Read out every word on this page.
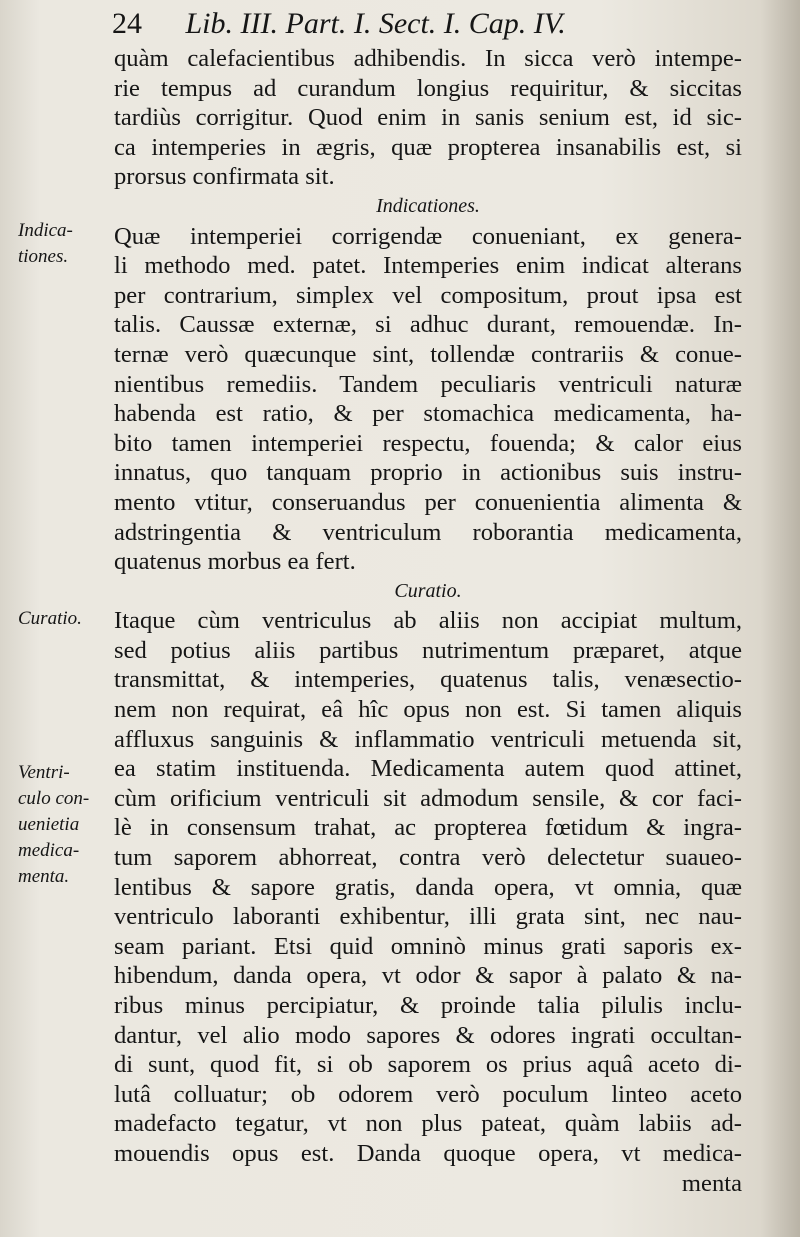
24 Lib. III. Part. I. Sect. I. Cap. IV.
quàm calefacientibus adhibendis. In sicca verò intempe-
rie tempus ad curandum longius requiritur, & siccitas
tardiùs corrigitur. Quod enim in sanis senium est, id sic-
ca intemperies in ægris, quæ propterea insanabilis est, si
prorsus confirmata sit.
Indicationes.
Quæ intemperiei corrigendæ conueniant, ex genera-
li methodo med. patet. Intemperies enim indicat alterans
per contrarium, simplex vel compositum, prout ipsa est
talis. Caussæ externæ, si adhuc durant, remouendæ. In-
ternæ verò quæcunque sint, tollendæ contrariis & conue-
nientibus remediis. Tandem peculiaris ventriculi naturæ
habenda est ratio, & per stomachica medicamenta, ha-
bito tamen intemperiei respectu, fouenda; & calor eius
innatus, quo tanquam proprio in actionibus suis instru-
mento vtitur, conseruandus per conuenientia alimenta &
adstringentia & ventriculum roborantia medicamenta,
quatenus morbus ea fert.
Curatio.
Itaque cùm ventriculus ab aliis non accipiat multum,
sed potius aliis partibus nutrimentum præparet, atque
transmittat, & intemperies, quatenus talis, venæsectio-
nem non requirat, eâ hîc opus non est. Si tamen aliquis
affluxus sanguinis & inflammatio ventriculi metuenda sit,
ea statim instituenda. Medicamenta autem quod attinet,
cùm orificium ventriculi sit admodum sensile, & cor faci-
lè in consensum trahat, ac propterea fœtidum & ingra-
tum saporem abhorreat, contra verò delectetur suaueo-
lentibus & sapore gratis, danda opera, vt omnia, quæ
ventriculo laboranti exhibentur, illi grata sint, nec nau-
seam pariant. Etsi quid omninò minus grati saporis ex-
hibendum, danda opera, vt odor & sapor à palato & na-
ribus minus percipiatur, & proinde talia pilulis inclu-
dantur, vel alio modo sapores & odores ingrati occultan-
di sunt, quod fit, si ob saporem os prius aquâ aceto di-
lutâ colluatur; ob odorem verò poculum linteo aceto
madefacto tegatur, vt non plus pateat, quàm labiis ad-
mouendis opus est. Danda quoque opera, vt medica-
menta
Indica-
tiones.
Curatio.
Ventri-
culo con-
uenietia
medica-
menta.
